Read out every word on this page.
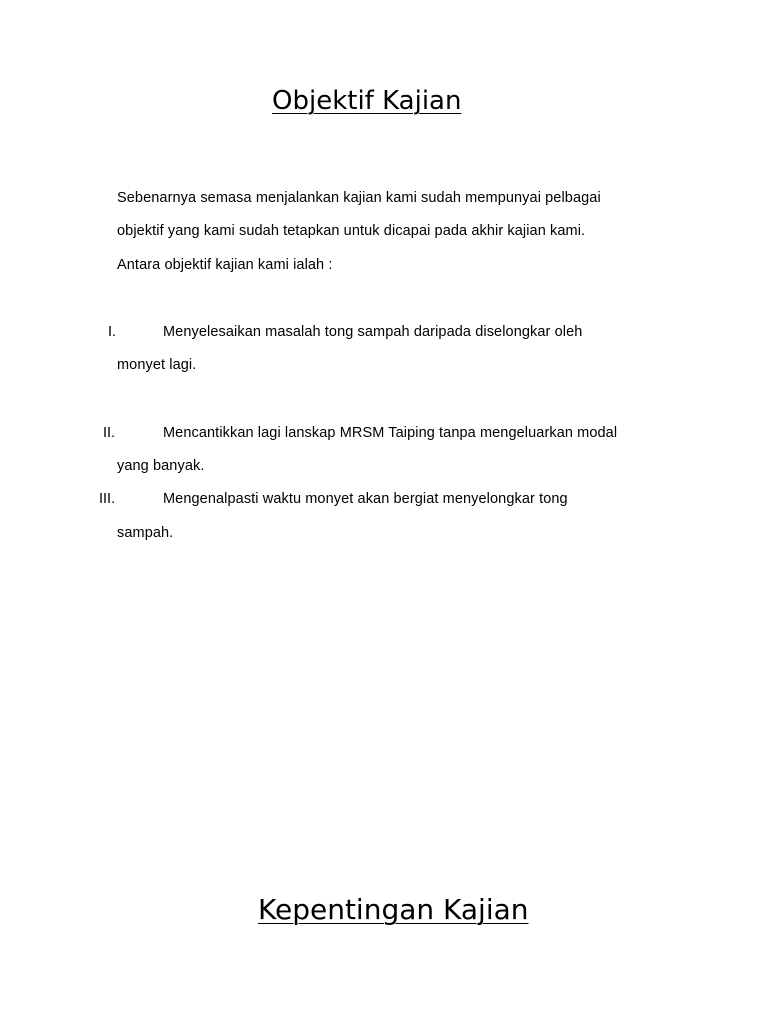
Objektif Kajian
Sebenarnya semasa menjalankan kajian kami sudah mempunyai pelbagai
objektif yang kami sudah tetapkan untuk dicapai pada akhir kajian kami.
Antara objektif kajian kami ialah :
I.	Menyelesaikan masalah tong sampah daripada diselongkar oleh
monyet lagi.
II.	Mencantikkan lagi lanskap MRSM Taiping tanpa mengeluarkan modal
yang banyak.
III.	Mengenalpasti waktu monyet akan bergiat menyelongkar tong
sampah.
Kepentingan Kajian
